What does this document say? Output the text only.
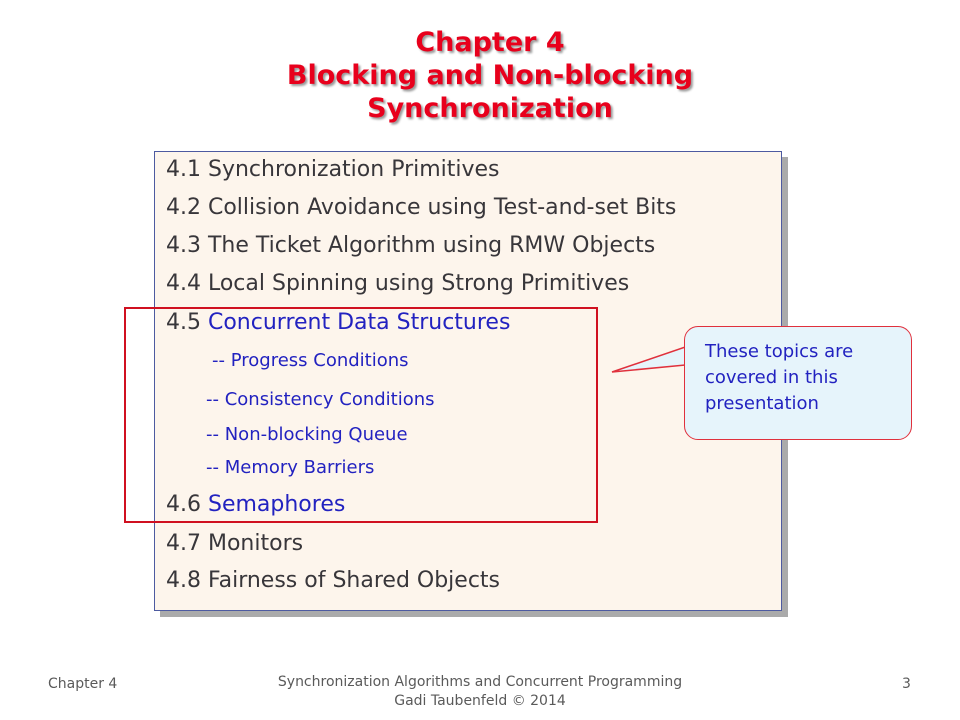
Chapter 4
Blocking and Non-blocking
Synchronization
4.1 Synchronization Primitives
4.2 Collision Avoidance using Test-and-set Bits
4.3 The Ticket Algorithm using RMW Objects
4.4 Local Spinning using Strong Primitives
4.5 Concurrent Data Structures
-- Progress Conditions
-- Consistency Conditions
-- Non-blocking Queue
-- Memory Barriers
4.6 Semaphores
4.7 Monitors
4.8 Fairness of Shared Objects
These topics are
covered in this
presentation
Chapter 4	Synchronization Algorithms and Concurrent Programming
Gadi Taubenfeld © 2014
3
